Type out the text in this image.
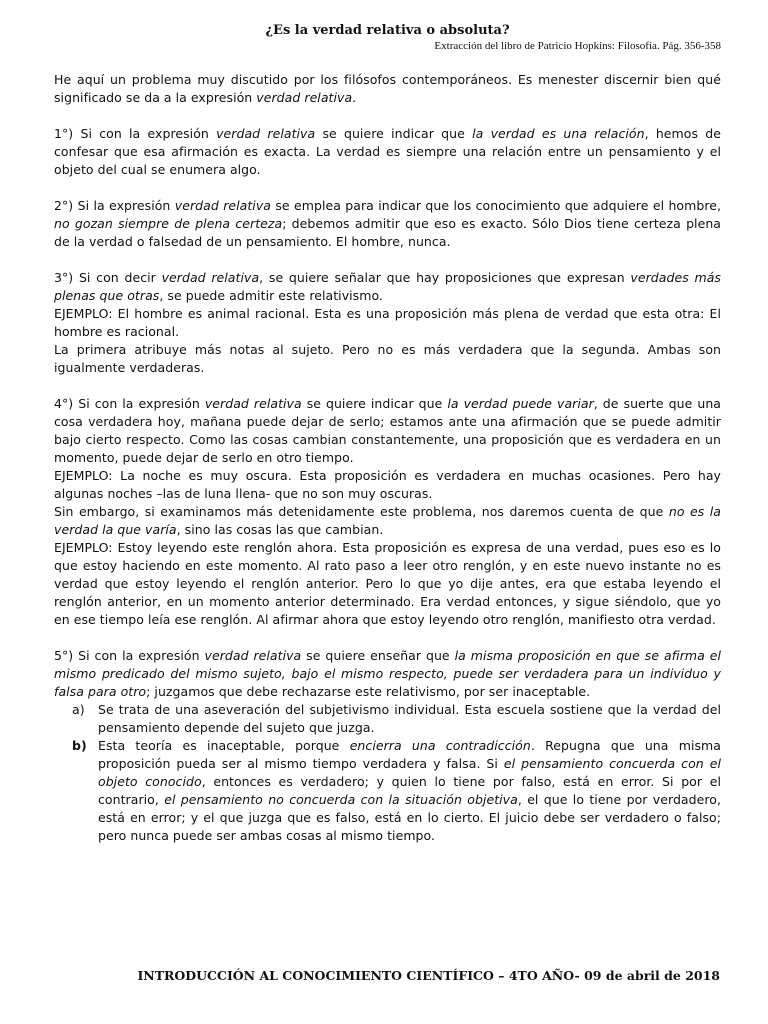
¿Es la verdad relativa o absoluta?

Extracción del libro de Patricio Hopkins: Filosofía. Pág. 356-358

He aquí un problema muy discutido por los filósofos contemporáneos. Es menester discernir bien qué significado se da a la expresión verdad relativa.

1°) Si con la expresión verdad relativa se quiere indicar que la verdad es una relación, hemos de confesar que esa afirmación es exacta. La verdad es siempre una relación entre un pensamiento y el objeto del cual se enumera algo.

2°) Si la expresión verdad relativa se emplea para indicar que los conocimiento que adquiere el hombre, no gozan siempre de plena certeza; debemos admitir que eso es exacto. Sólo Dios tiene certeza plena de la verdad o falsedad de un pensamiento. El hombre, nunca.

3°) Si con decir verdad relativa, se quiere señalar que hay proposiciones que expresan verdades más plenas que otras, se puede admitir este relativismo.

EJEMPLO: El hombre es animal racional. Esta es una proposición más plena de verdad que esta otra: El hombre es racional.

La primera atribuye más notas al sujeto. Pero no es más verdadera que la segunda. Ambas son igualmente verdaderas.

4°) Si con la expresión verdad relativa se quiere indicar que la verdad puede variar, de suerte que una cosa verdadera hoy, mañana puede dejar de serlo; estamos ante una afirmación que se puede admitir bajo cierto respecto. Como las cosas cambian constantemente, una proposición que es verdadera en un momento, puede dejar de serlo en otro tiempo.

EJEMPLO: La noche es muy oscura. Esta proposición es verdadera en muchas ocasiones. Pero hay algunas noches –las de luna llena- que no son muy oscuras.

Sin embargo, si examinamos más detenidamente este problema, nos daremos cuenta de que no es la verdad la que varía, sino las cosas las que cambian.

EJEMPLO: Estoy leyendo este renglón ahora. Esta proposición es expresa de una verdad, pues eso es lo que estoy haciendo en este momento. Al rato paso a leer otro renglón, y en este nuevo instante no es verdad que estoy leyendo el renglón anterior. Pero lo que yo dije antes, era que estaba leyendo el renglón anterior, en un momento anterior determinado. Era verdad entonces, y sigue siéndolo, que yo en ese tiempo leía ese renglón. Al afirmar ahora que estoy leyendo otro renglón, manifiesto otra verdad.

5°) Si con la expresión verdad relativa se quiere enseñar que la misma proposición en que se afirma el mismo predicado del mismo sujeto, bajo el mismo respecto, puede ser verdadera para un individuo y falsa para otro; juzgamos que debe rechazarse este relativismo, por ser inaceptable.

a) Se trata de una aseveración del subjetivismo individual. Esta escuela sostiene que la verdad del pensamiento depende del sujeto que juzga.
b) Esta teoría es inaceptable, porque encierra una contradicción. Repugna que una misma proposición pueda ser al mismo tiempo verdadera y falsa. Si el pensamiento concuerda con el objeto conocido, entonces es verdadero; y quien lo tiene por falso, está en error. Si por el contrario, el pensamiento no concuerda con la situación objetiva, el que lo tiene por verdadero, está en error; y el que juzga que es falso, está en lo cierto. El juicio debe ser verdadero o falso; pero nunca puede ser ambas cosas al mismo tiempo.
INTRODUCCIÓN AL CONOCIMIENTO CIENTÍFICO – 4TO AÑO- 09 de abril de 2018
